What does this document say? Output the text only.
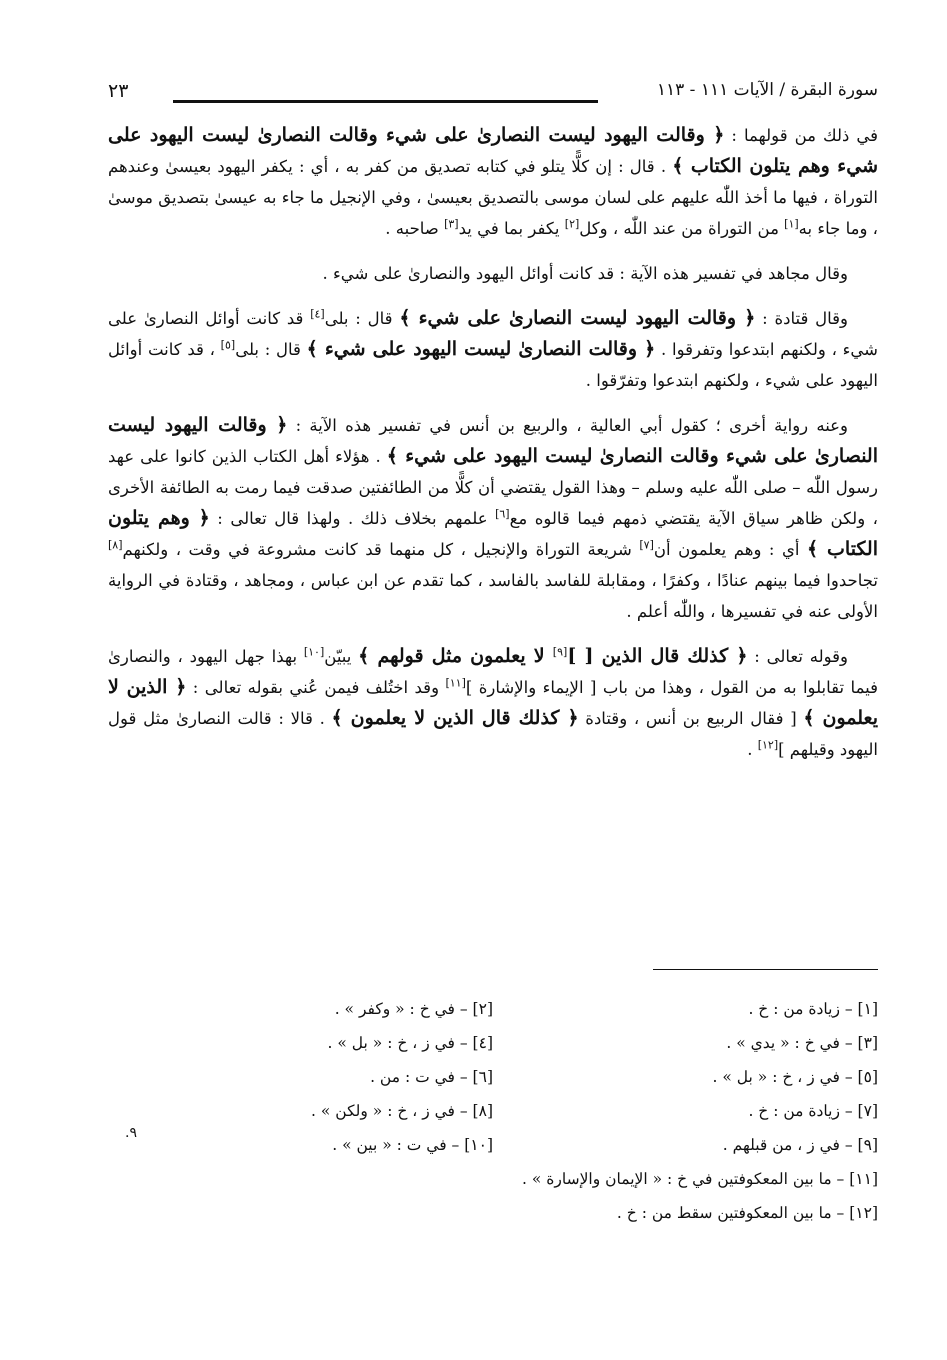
سورة البقرة / الآيات ١١١ - ١١٣
٢٣

في ذلك من قولهما : ﴿ وقالت اليهود ليست النصارىٰ على شيء وقالت النصارىٰ ليست اليهود على شيء وهم يتلون الكتاب ﴾ . قال : إن كلًّا يتلو في كتابه تصديق من كفر به ، أي : يكفر اليهود بعيسىٰ وعندهم التوراة ، فيها ما أخذ اللّٰه عليهم على لسان موسى بالتصديق بعيسىٰ ، وفي الإنجيل ما جاء به عيسىٰ بتصديق موسىٰ ، وما جاء به[١] من التوراة من عند اللّٰه ، وكل[٢] يكفر بما في يد[٣] صاحبه .

وقال مجاهد في تفسير هذه الآية : قد كانت أوائل اليهود والنصارىٰ على شيء .

وقال قتادة : ﴿ وقالت اليهود ليست النصارىٰ على شيء ﴾ قال : بلى[٤] قد كانت أوائل النصارىٰ على شيء ، ولكنهم ابتدعوا وتفرقوا . ﴿ وقالت النصارىٰ ليست اليهود على شيء ﴾ قال : بلى[٥] ، قد كانت أوائل اليهود على شيء ، ولكنهم ابتدعوا وتفرّقوا .

وعنه رواية أخرى ؛ كقول أبي العالية ، والربيع بن أنس في تفسير هذه الآية : ﴿ وقالت اليهود ليست النصارىٰ على شيء وقالت النصارىٰ ليست اليهود على شيء ﴾ . هؤلاء أهل الكتاب الذين كانوا على عهد رسول اللّٰه – صلى اللّٰه عليه وسلم – وهذا القول يقتضي أن كلًّا من الطائفتين صدقت فيما رمت به الطائفة الأخرى ، ولكن ظاهر سياق الآية يقتضي ذمهم فيما قالوه مع[٦] علمهم بخلاف ذلك . ولهذا قال تعالى : ﴿ وهم يتلون الكتاب ﴾ أي : وهم يعلمون أن[٧] شريعة التوراة والإنجيل ، كل منهما قد كانت مشروعة في وقت ، ولكنهم[٨] تجاحدوا فيما بينهم عنادًا ، وكفرًا ، ومقابلة للفاسد بالفاسد ، كما تقدم عن ابن عباس ، ومجاهد ، وقتادة في الرواية الأولى عنه في تفسيرها ، واللّٰه أعلم .

وقوله تعالى : ﴿ كذلك قال الذين [ ][٩] لا يعلمون مثل قولهم ﴾ يبيّن[١٠] بهذا جهل اليهود ، والنصارىٰ فيما تقابلوا به من القول ، وهذا من باب [ الإيماء والإشارة ][١١] وقد اختُلف فيمن عُني بقوله تعالى : ﴿ الذين لا يعلمون ﴾ [ فقال الربيع بن أنس ، وقتادة ﴿ كذلك قال الذين لا يعلمون ﴾ . قالا : قالت النصارىٰ مثل قول اليهود وقيلهم ][١٢] .

[١] – زيادة من : خ .
[٢] – في خ : « وكفر » .
[٣] – في خ : « يدي » .
[٤] – في ز ، خ : « بل » .
[٥] – في ز ، خ : « بل » .
[٦] – في ت : من .
[٧] – زيادة من : خ .
[٨] – في ز ، خ : « ولكن » .
[٩] – في ز ، من قبلهم .
[١٠] – في ت : « بين » .
[١١] – ما بين المعكوفتين في خ : « الإيمان والإسارة » .
[١٢] – ما بين المعكوفتين سقط من : خ .
٩.
